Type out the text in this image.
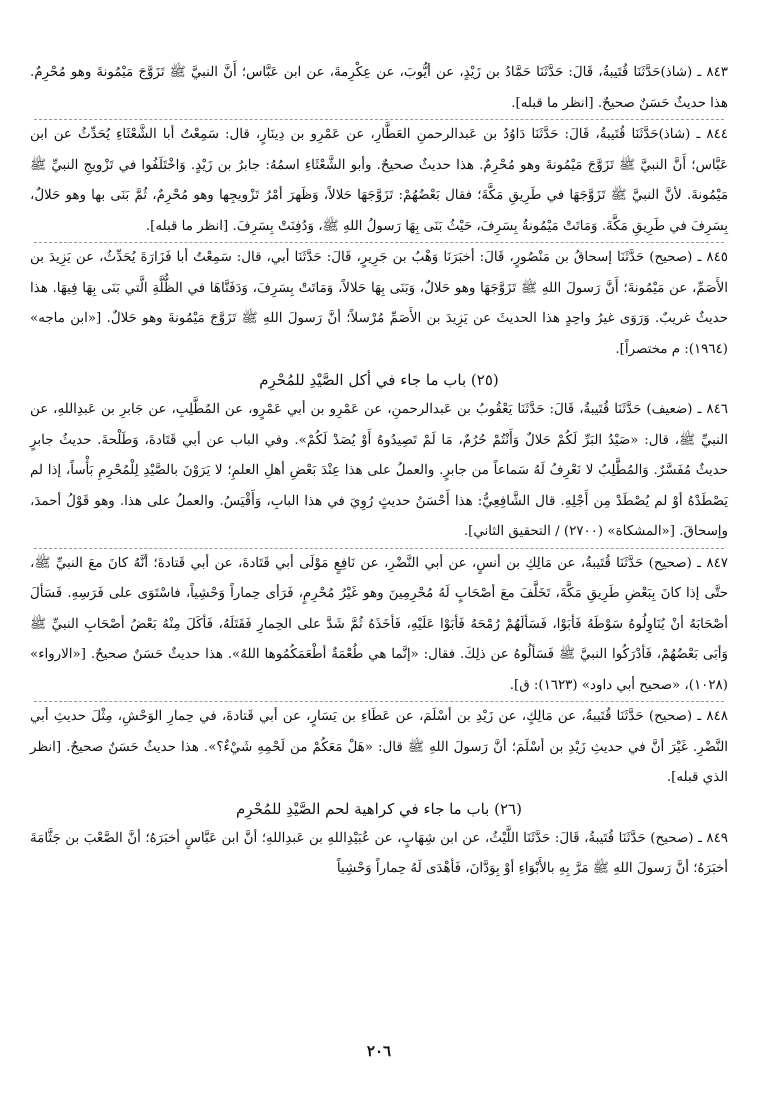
٨٤٣ ـ (شاذ)حَدَّثَنَا قُتَيبةُ، قَالَ: حَدَّثَنَا حَمَّادُ بن زَيْدٍ، عن أيُّوبَ، عن عِكْرِمةَ، عن ابن عَبَّاس؛ أَنَّ النبيَّ ﷺ تَزَوَّجَ مَيْمُونةَ وهو مُحْرِمٌ. هذا حديثٌ حَسَنٌ صحيحٌ. [انظر ما قبله].

٨٤٤ ـ (شاذ)حَدَّثَنَا قُتَيبةُ، قَالَ: حَدَّثَنَا دَاوُدُ بن عَبدالرحمنِ العَطَّارِ، عن عَمْرِو بن دِينَارٍ، قال: سَمِعْتُ أبا الشَّعْثَاءِ يُحَدِّثُ عن ابن عَبَّاس؛ أَنَّ النبيَّ ﷺ تَزَوَّجَ مَيْمُونةَ وهو مُحْرِمٌ. هذا حديثٌ صحيحٌ. وأبو الشَّعْثَاءِ اسمُهُ: جابرُ بن زَيْدٍ. وَاخْتَلَفُوا في تَزْويجِ النبيِّ ﷺ مَيْمُونةَ. لأنَّ النبيَّ ﷺ تَزَوَّجَهَا في طَرِيقِ مَكَّةَ؛ فقال بَعْضُهُمْ: تَزَوَّجَهَا حَلالاً، وَظَهرَ أمْرُ تَزْويجِها وهو مُحْرِمٌ، ثُمَّ بَنَى بها وهو حَلالٌ، بِسَرِفَ في طَرِيقِ مَكَّةَ. وَمَاتَتْ مَيْمُونةُ بِسَرِفَ، حَيْثُ بَنَى بِهَا رَسولُ اللهِ ﷺ، وَدُفِنَتْ بِسَرِفَ. [انظر ما قبله].

٨٤٥ ـ (صحيح) حَدَّثَنَا إسحاقُ بن مَنْصُورٍ، قَالَ: أخبَرَنَا وَهْبُ بن جَرِيرٍ، قَالَ: حَدَّثَنَا أبي، قال: سَمِعْتُ أبا فَزَارَةَ يُحَدِّثُ، عن يَزِيدَ بن الأَصَمِّ، عن مَيْمُونةَ؛ أَنَّ رَسولَ اللهِ ﷺ تَزَوَّجَهَا وهو حَلالٌ، وَبَنَى بِهَا حَلالاً، وَمَاتَتْ بِسَرِفَ، وَدَفَنَّاهَا في الظُّلَّةِ الَّتي بَنَى بِهَا فِيهَا. هذا حديثٌ غريبٌ. وَرَوَى غيرُ واحِدٍ هذا الحديثَ عن يَزِيدَ بن الأَصَمِّ مُرْسلاً؛ أنَّ رَسولَ اللهِ ﷺ تَزَوَّجَ مَيْمُونةَ وهو حَلالٌ. [«ابن ماجه» (١٩٦٤): م مختصراً].

(٢٥) باب ما جاء في أكل الصَّيْدِ للمُحْرِم

٨٤٦ ـ (ضعيف) حَدَّثَنَا قُتَيبةُ، قَالَ: حَدَّثَنَا يَعْقُوبُ بن عَبدالرحمنِ، عن عَمْرِو بن أبي عَمْرٍو، عن المُطَّلِبِ، عن جَابرِ بن عَبدِاللهِ، عن النبيِّ ﷺ، قال: «صَيْدُ البَرِّ لَكُمْ حَلالٌ وَأَنْتُمْ حُرُمٌ، مَا لَمْ تَصِيدُوهُ أَوْ يُصَدْ لَكُمْ». وفي الباب عن أبي قَتَادةَ، وَطَلْحةَ. حديثُ جابرٍ حديثٌ مُفَسَّرٌ. وَالمُطَّلِبُ لا نَعْرِفُ لَهُ سَماعاً من جابرٍ. والعملُ على هذا عِنْدَ بَعْضِ أهلِ العلمِ؛ لا يَرَوْنَ بالصَّيْدِ لِلْمُحْرِمِ بَأْساً، إذا لم يَصْطَدْهُ أوْ لم يُصْطَدْ مِن أَجْلِهِ. قال الشَّافِعِيُّ: هذا أَحْسَنُ حديثٍ رُوِيَ في هذا البابِ، وَأَقْيَسُ. والعملُ على هذا. وهو قَوْلُ أحمدَ، وإسحاقَ. [«المشكاة» (٢٧٠٠) / التحقيق الثاني].

٨٤٧ ـ (صحيح) حَدَّثَنَا قُتَيبةُ، عن مَالِكِ بن أنسٍ، عن أبي النَّضْرِ، عن نَافِعٍ مَوْلَى أبي قَتَادةَ، عن أبي قَتادةَ؛ أنَّهُ كانَ معَ النبيِّ ﷺ، حتَّى إذا كانَ بِبَعْضِ طَرِيقِ مَكَّةَ، تَخَلَّفَ معَ أصْحَابٍ لَهُ مُحْرِمِينَ وهو غَيْرُ مُحْرِمٍ، فَرَأى حِماراً وَحْشِياً، فاسْتَوَى على فَرَسِهِ. فَسَألَ أصْحَابَهُ أنْ يُنَاوِلُوهُ سَوْطَهُ فَأبَوْا، فَسَألَهُمْ رُمْحَهُ فَأبَوْا عَلَيْهِ، فَأخَذَهُ ثُمَّ شَدَّ على الحِمارِ فَقَتَلَهُ، فَأكَلَ مِنْهُ بَعْضُ أصْحَابِ النبيِّ ﷺ وَأبَى بَعْضُهُمْ، فَأدْرَكُوا النبيَّ ﷺ فَسَألُوهُ عن ذلِكَ. فقال: «إنَّما هي طُعْمَةٌ أطْعَمَكُمُوها اللهُ». هذا حديثٌ حَسَنٌ صحيحٌ. [«الارواء» (١٠٢٨)، «صحيح أبي داود» (١٦٢٣): ق].

٨٤٨ ـ (صحيح) حَدَّثَنَا قُتَيبةُ، عن مَالِكٍ، عن زَيْدِ بن أسْلَمَ، عن عَطَاءِ بن يَسَارٍ، عن أبي قَتادةَ، في حِمارِ الوَحْشِ، مِثْلَ حديثِ أبي النَّضْرِ. غَيْرَ أنَّ في حديثِ زَيْدِ بن أسْلَمَ؛ أنَّ رَسولَ اللهِ ﷺ قال: «هَلْ مَعَكُمْ من لَحْمِهِ شَيْءٌ؟». هذا حديثٌ حَسَنٌ صحيحٌ. [انظر الذي قبله].

(٢٦) باب ما جاء في كراهية لحم الصَّيْدِ للمُحْرِم

٨٤٩ ـ (صحيح) حَدَّثَنَا قُتَيبةُ، قَالَ: حَدَّثَنَا اللَّيْثُ، عن ابن شِهَابٍ، عن عُبَيْدِاللهِ بن عَبدِاللهِ؛ أنَّ ابن عَبَّاسٍ أخبَرَهُ؛ أنَّ الصَّعْبَ بن جَثَّامَةَ أخبَرَهُ؛ أنَّ رَسولَ اللهِ ﷺ مَرَّ بِهِ بالأَبْوَاءِ أوْ بِوَدَّانَ، فَأهْدَى لَهُ حِماراً وَحْشِياً

٢٠٦
